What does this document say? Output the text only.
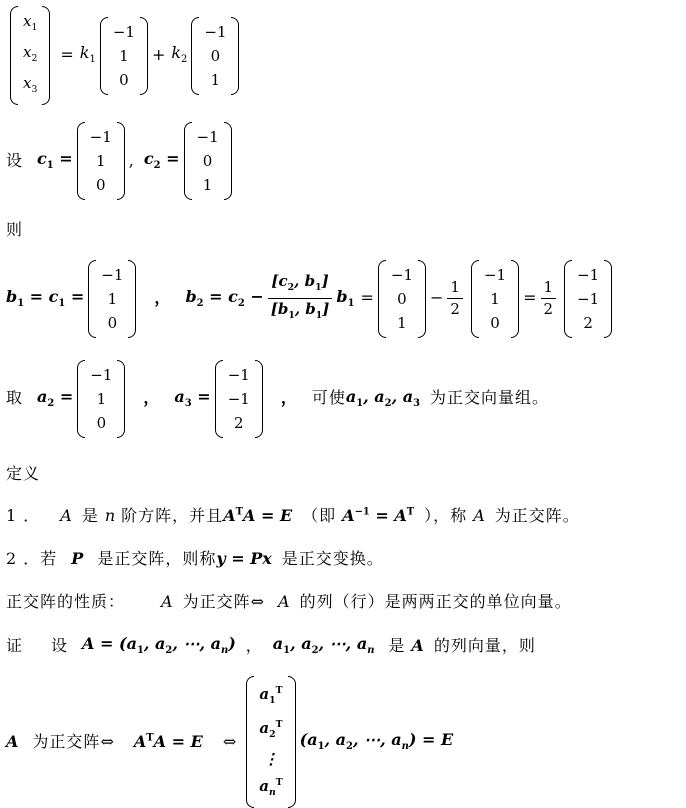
$x_1$
$x_2$
$x_3$
= $k_1$
−1
1
0
+ $k_2$
−1
0
1
设 $c_1$ =
−1
1
0
, $c_2$ =
−1
0
1
则
$b_1 = c_1$ =
−1
1
0
， $b_2 = c_2 - \frac{[c_2, b_1]}{[b_1, b_1]} b_1$ =
−1
0
1
− $\frac{1}{2}$
−1
1
0
= $\frac{1}{2}$
−1
−1
2
取 $a_2$ =
−1
1
0
， $a_3$ =
−1
−1
2
， 可使 $a_1$, $a_2$, $a_3$ 为正交向量组。
定义
1 ． A 是 n 阶方阵，并且 $A^TA = E$ （即 $A^{-1} = A^T$ ），称 A 为正交阵。
2 ．若 P 是正交阵，则称 y = Px 是正交变换。
正交阵的性质： A 为正交阵 ⇔ A 的列（行）是两两正交的单位向量。
证 设 $A = (a_1$, $a_2$, ⋯, $a_n$) ， $a_1$, $a_2$, ⋯, $a_n$ 是 A 的列向量，则
A 为正交阵 ⇔ $A^TA = E$ ⇔
$a_1^T$
$a_2^T$
⋮
$a_n^T$
($a_1$, $a_2$, ⋯, $a_n) = E$
